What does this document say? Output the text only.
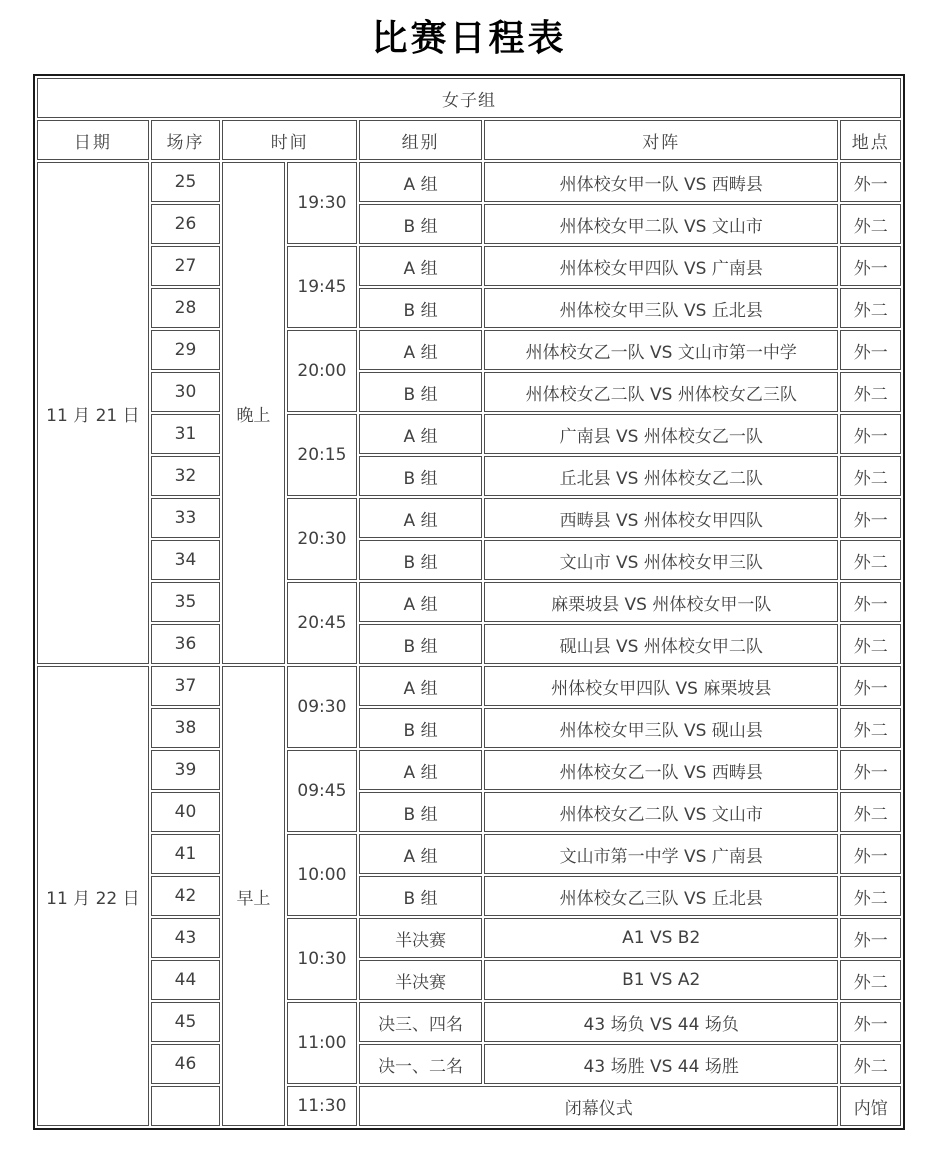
比赛日程表
女子组						
日期	场序	时间		组别	对阵	地点
11 月 21 日	25	晚上	19:30	A 组	州体校女甲一队 VS 西畴县	外一
	26			B 组	州体校女甲二队 VS 文山市	外二
	27		19:45	A 组	州体校女甲四队 VS 广南县	外一
	28			B 组	州体校女甲三队 VS 丘北县	外二
	29		20:00	A 组	州体校女乙一队 VS 文山市第一中学	外一
	30			B 组	州体校女乙二队 VS 州体校女乙三队	外二
	31		20:15	A 组	广南县 VS 州体校女乙一队	外一
	32			B 组	丘北县 VS 州体校女乙二队	外二
	33		20:30	A 组	西畴县 VS 州体校女甲四队	外一
	34			B 组	文山市 VS 州体校女甲三队	外二
	35		20:45	A 组	麻栗坡县 VS 州体校女甲一队	外一
	36			B 组	砚山县 VS 州体校女甲二队	外二
11 月 22 日	37	早上	09:30	A 组	州体校女甲四队 VS 麻栗坡县	外一
	38			B 组	州体校女甲三队 VS 砚山县	外二
	39		09:45	A 组	州体校女乙一队 VS 西畴县	外一
	40			B 组	州体校女乙二队 VS 文山市	外二
	41		10:00	A 组	文山市第一中学 VS 广南县	外一
	42			B 组	州体校女乙三队 VS 丘北县	外二
	43		10:30	半决赛	A1 VS B2	外一
	44			半决赛	B1 VS A2	外二
	45		11:00	决三、四名	43 场负 VS 44 场负	外一
	46			决一、二名	43 场胜 VS 44 场胜	外二
			11:30	闭幕仪式		内馆
